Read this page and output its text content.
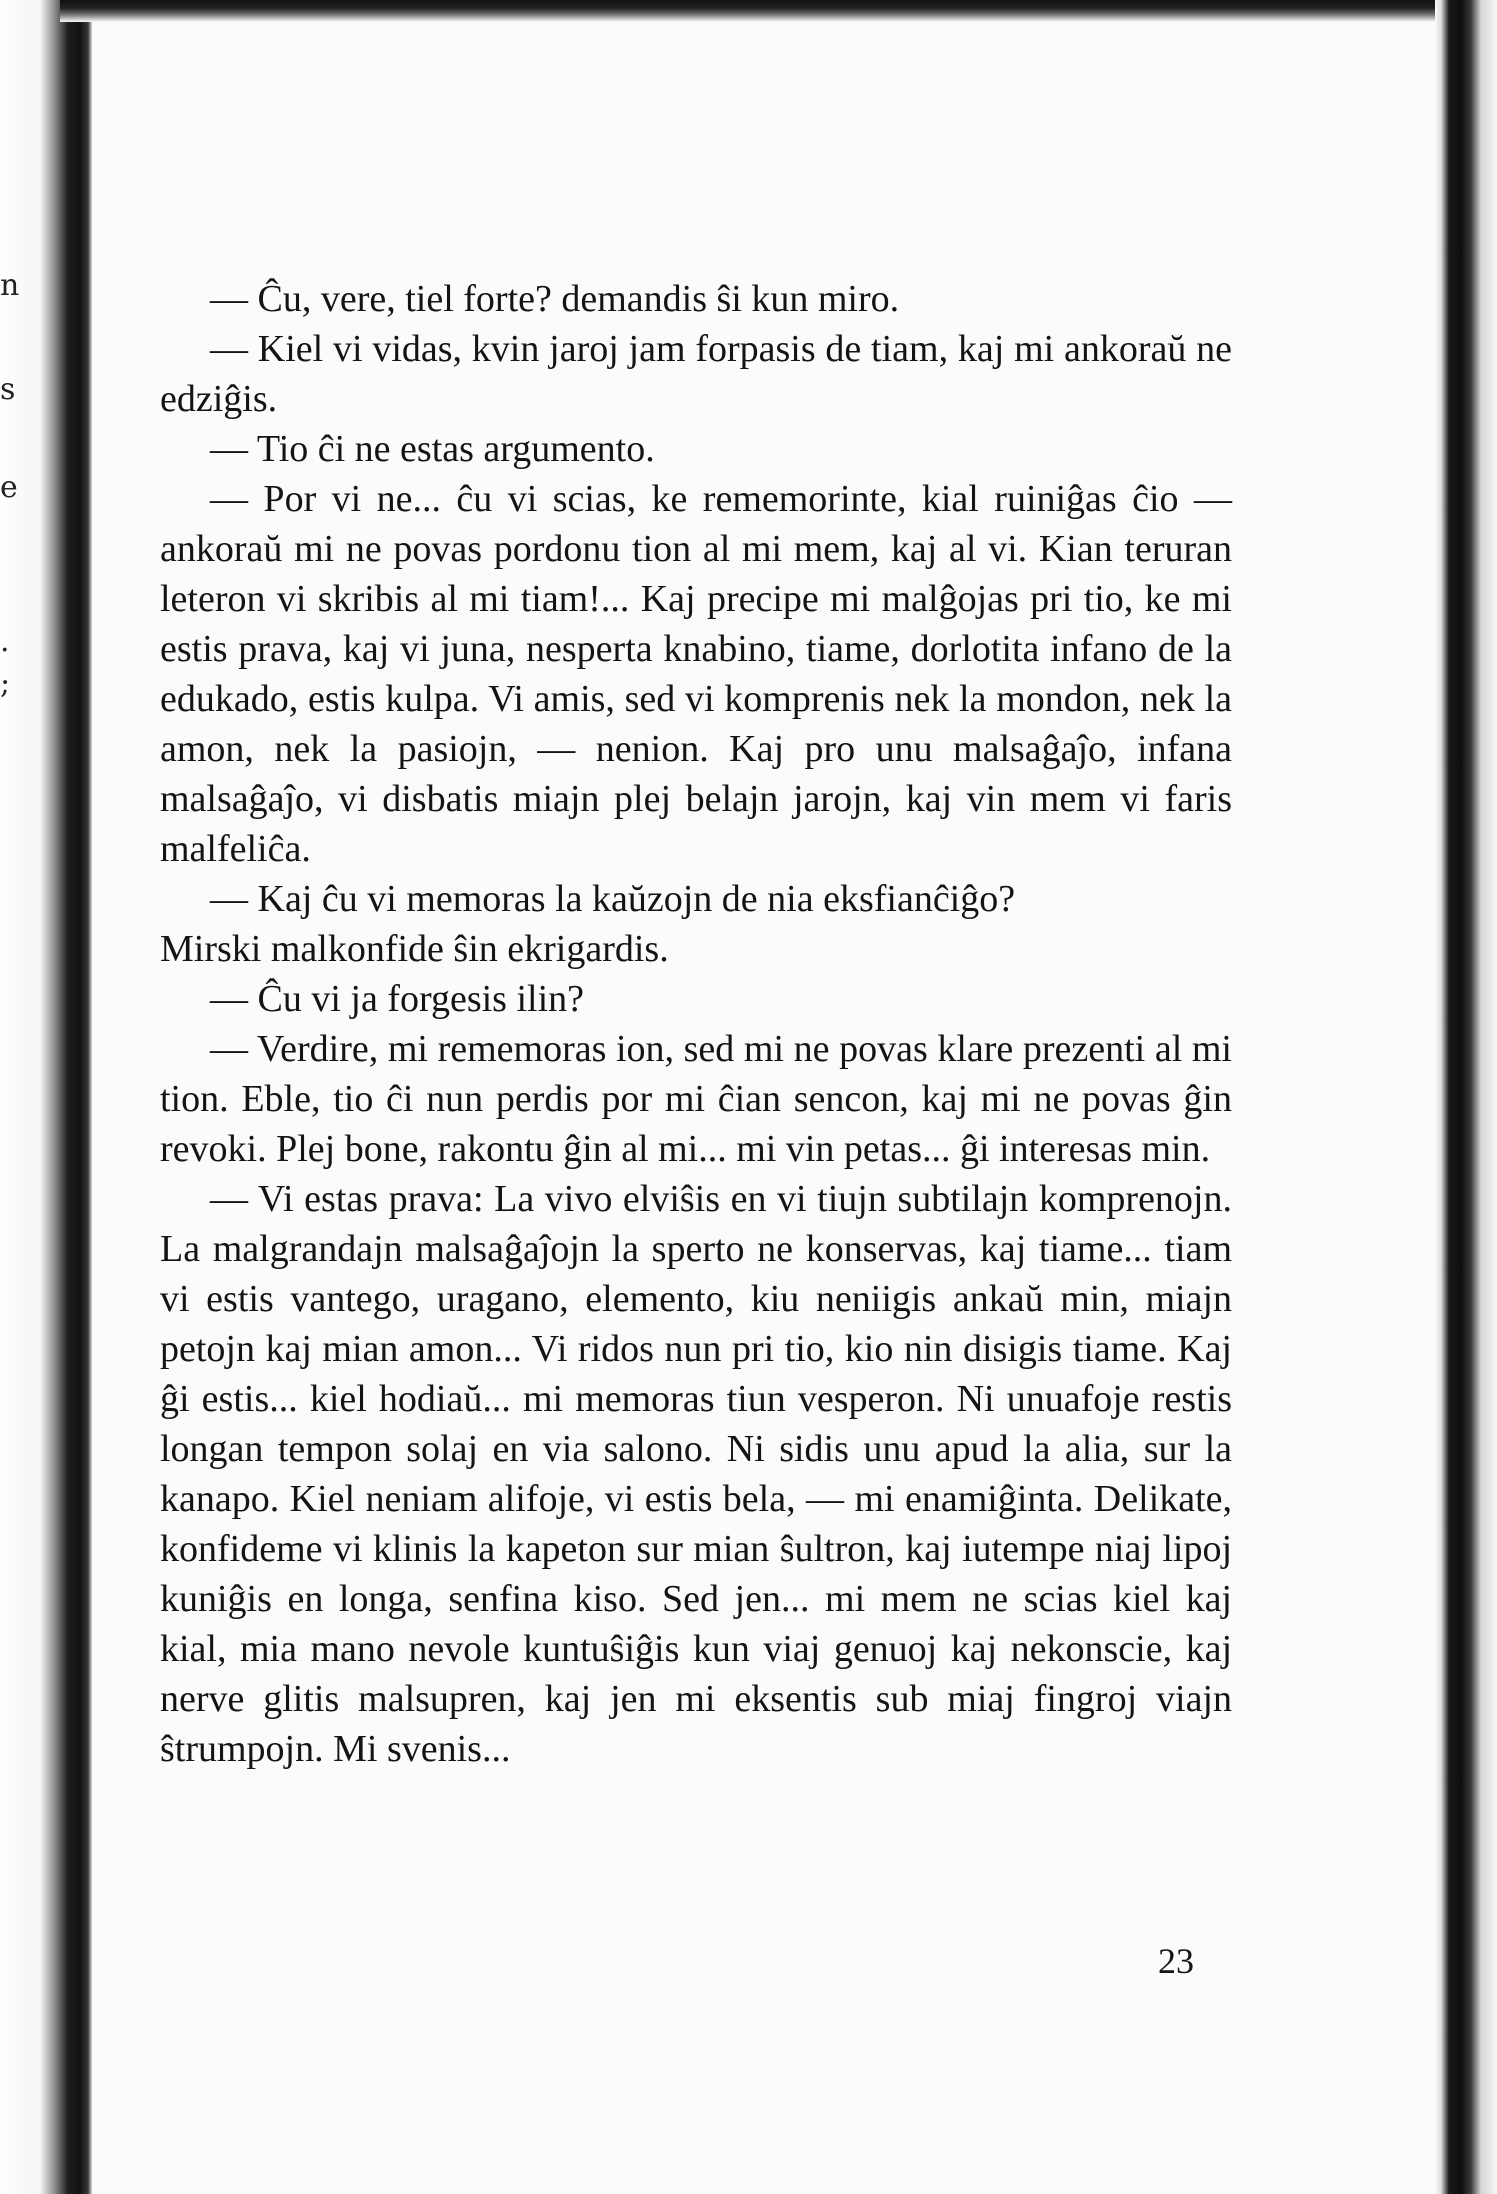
n
s
e
.
;

— Ĉu, vere, tiel forte? demandis ŝi kun miro.

— Kiel vi vidas, kvin jaroj jam forpasis de tiam, kaj mi ankoraŭ ne edziĝis.

— Tio ĉi ne estas argumento.

— Por vi ne... ĉu vi scias, ke rememorinte, kial ruiniĝas ĉio — ankoraŭ mi ne povas pordonu tion al mi mem, kaj al vi. Kian teruran leteron vi skribis al mi tiam!... Kaj precipe mi malĝojas pri tio, ke mi estis prava, kaj vi juna, nesperta knabino, tiame, dorlotita infano de la edukado, estis kulpa. Vi amis, sed vi komprenis nek la mondon, nek la amon, nek la pasiojn, — nenion. Kaj pro unu malsaĝaĵo, infana malsaĝaĵo, vi disbatis miajn plej belajn jarojn, kaj vin mem vi faris malfeliĉa.

— Kaj ĉu vi memoras la kaŭzojn de nia eksfianĉiĝo?

Mirski malkonfide ŝin ekrigardis.

— Ĉu vi ja forgesis ilin?

— Verdire, mi rememoras ion, sed mi ne povas klare prezenti al mi tion. Eble, tio ĉi nun perdis por mi ĉian sencon, kaj mi ne povas ĝin revoki. Plej bone, rakontu ĝin al mi... mi vin petas... ĝi interesas min.

— Vi estas prava: La vivo elviŝis en vi tiujn subtilajn komprenojn. La malgrandajn malsaĝaĵojn la sperto ne konservas, kaj tiame... tiam vi estis vantego, uragano, elemento, kiu neniigis ankaŭ min, miajn petojn kaj mian amon... Vi ridos nun pri tio, kio nin disigis tiame. Kaj ĝi estis... kiel hodiaŭ... mi memoras tiun vesperon. Ni unuafoje restis longan tempon solaj en via salono. Ni sidis unu apud la alia, sur la kanapo. Kiel neniam alifoje, vi estis bela, — mi enamiĝinta. Delikate, konfideme vi klinis la kapeton sur mian ŝultron, kaj iutempe niaj lipoj kuniĝis en longa, senfina kiso. Sed jen... mi mem ne scias kiel kaj kial, mia mano nevole kuntuŝiĝis kun viaj genuoj kaj nekonscie, kaj nerve glitis malsupren, kaj jen mi eksentis sub miaj fingroj viajn ŝtrumpojn. Mi svenis...

23
